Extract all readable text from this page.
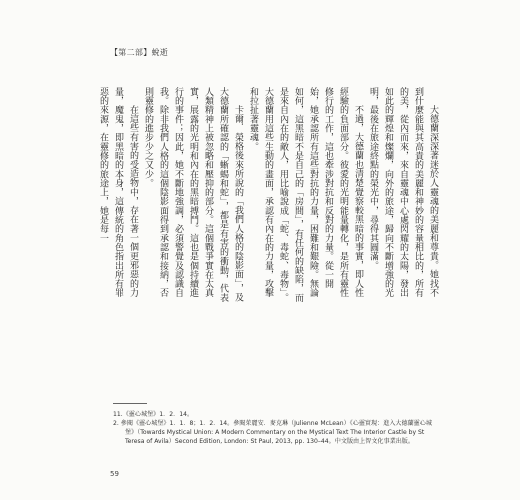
【第二部】蛻逝

大德蘭深深著迷於人靈魂的美麗和尊貴。她找不到什麼能與其高貴的美麗和神妙的容量相比的，所有的美，從內而來，來自靈魂中心處閃耀的太陽，發出如此的輝煌和燦爛，向外的旅途，歸向不斷增強的光明，最後在旅途終點的榮光中，尋得其圓滿。

不過，大德蘭也清楚覺察較黑暗的事實，即人性經驗的負面部分。彼愛的光明能量轉化，是所有靈性修行的工作，這也牽涉對抗和反對的力量。從一開始，她承認所有這些對抗的力量，困難和艱險。無論如何，這黑暗不是自己的「房間」，有任何的缺陷，而是來自內在的敵人，用比喻說成「蛇、毒蛇、毒物」。大德蘭用這些生動的畫面，承認有內在的力量，攻擊和拉扯著靈魂。

卡爾．榮格後來所說的「我們人格的陰影面」，及大德蘭所確認的「蜥蜴和蛇」，都是有害的衝動，代表人類精神上被忽略和壓抑的部分。這個戰爭實在太真實，展露的光明和內在的黑暗搏鬥。這也是個持續進行的事件；因此，她不斷地強調，必須警覺及認識自我。除非我們人格的這個陰影面得到承認和接納，否則靈修的進步少之又少。

在這些有害的受造物中，存在著一個更邪惡的力量，魔鬼，即黑暗的本身，這傳統的角色指出所有罪惡的來源，在靈修的旅途上，她是每一

11.《靈心城堡》1．2．14。

2. 參閱《靈心城堡》1．1．8；1．2．14。參閱茱麗安．麥克琳（Julienne McLean）《心靈實現：進入大德蘭靈心城堡》（Towards Mystical Union: A Modern Commentary on the Mystical Text The Interior Castle by St Teresa of Avila）Second Edition, London: St Paul, 2013, pp. 130–44。中文版由上智文化事業出版。

59
